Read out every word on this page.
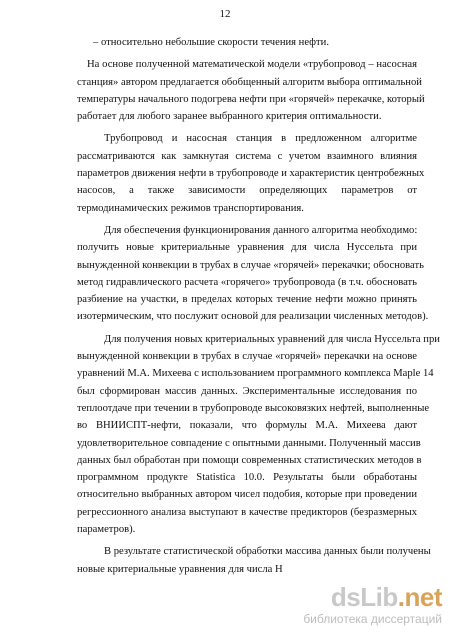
12
– относительно небольшие скорости течения нефти.
На основе полученной математической модели «трубопровод – насосная
станция» автором предлагается обобщенный алгоритм выбора оптимальной
температуры начального подогрева нефти при «горячей» перекачке, который
работает для любого заранее выбранного критерия оптимальности.
Трубопровод и насосная станция в предложенном алгоритме
рассматриваются как замкнутая система с учетом взаимного влияния
параметров движения нефти в трубопроводе и характеристик центробежных
насосов, а также зависимости определяющих параметров от
термодинамических режимов транспортирования.
Для обеспечения функционирования данного алгоритма необходимо:
получить новые критериальные уравнения для числа Нуссельта при
вынужденной конвекции в трубах в случае «горячей» перекачки; обосновать
метод гидравлического расчета «горячего» трубопровода (в т.ч. обосновать
разбиение на участки, в пределах которых течение нефти можно принять
изотермическим, что послужит основой для реализации численных методов).
Для получения новых критериальных уравнений для числа Нуссельта при
вынужденной конвекции в трубах в случае «горячей» перекачки на основе
уравнений М.А. Михеева с использованием программного комплекса Maple 14
был сформирован массив данных. Экспериментальные исследования по
теплоотдаче при течении в трубопроводе высоковязких нефтей, выполненные
во ВНИИСПТ-нефти, показали, что формулы М.А. Михеева дают
удовлетворительное совпадение с опытными данными. Полученный массив
данных был обработан при помощи современных статистических методов в
программном продукте Statistica 10.0. Результаты были обработаны
относительно выбранных автором чисел подобия, которые при проведении
регрессионного анализа выступают в качестве предикторов (безразмерных
параметров).
В результате статистической обработки массива данных были получены
новые критериальные уравнения для числа Н
dsLib.net
библиотека диссертаций
